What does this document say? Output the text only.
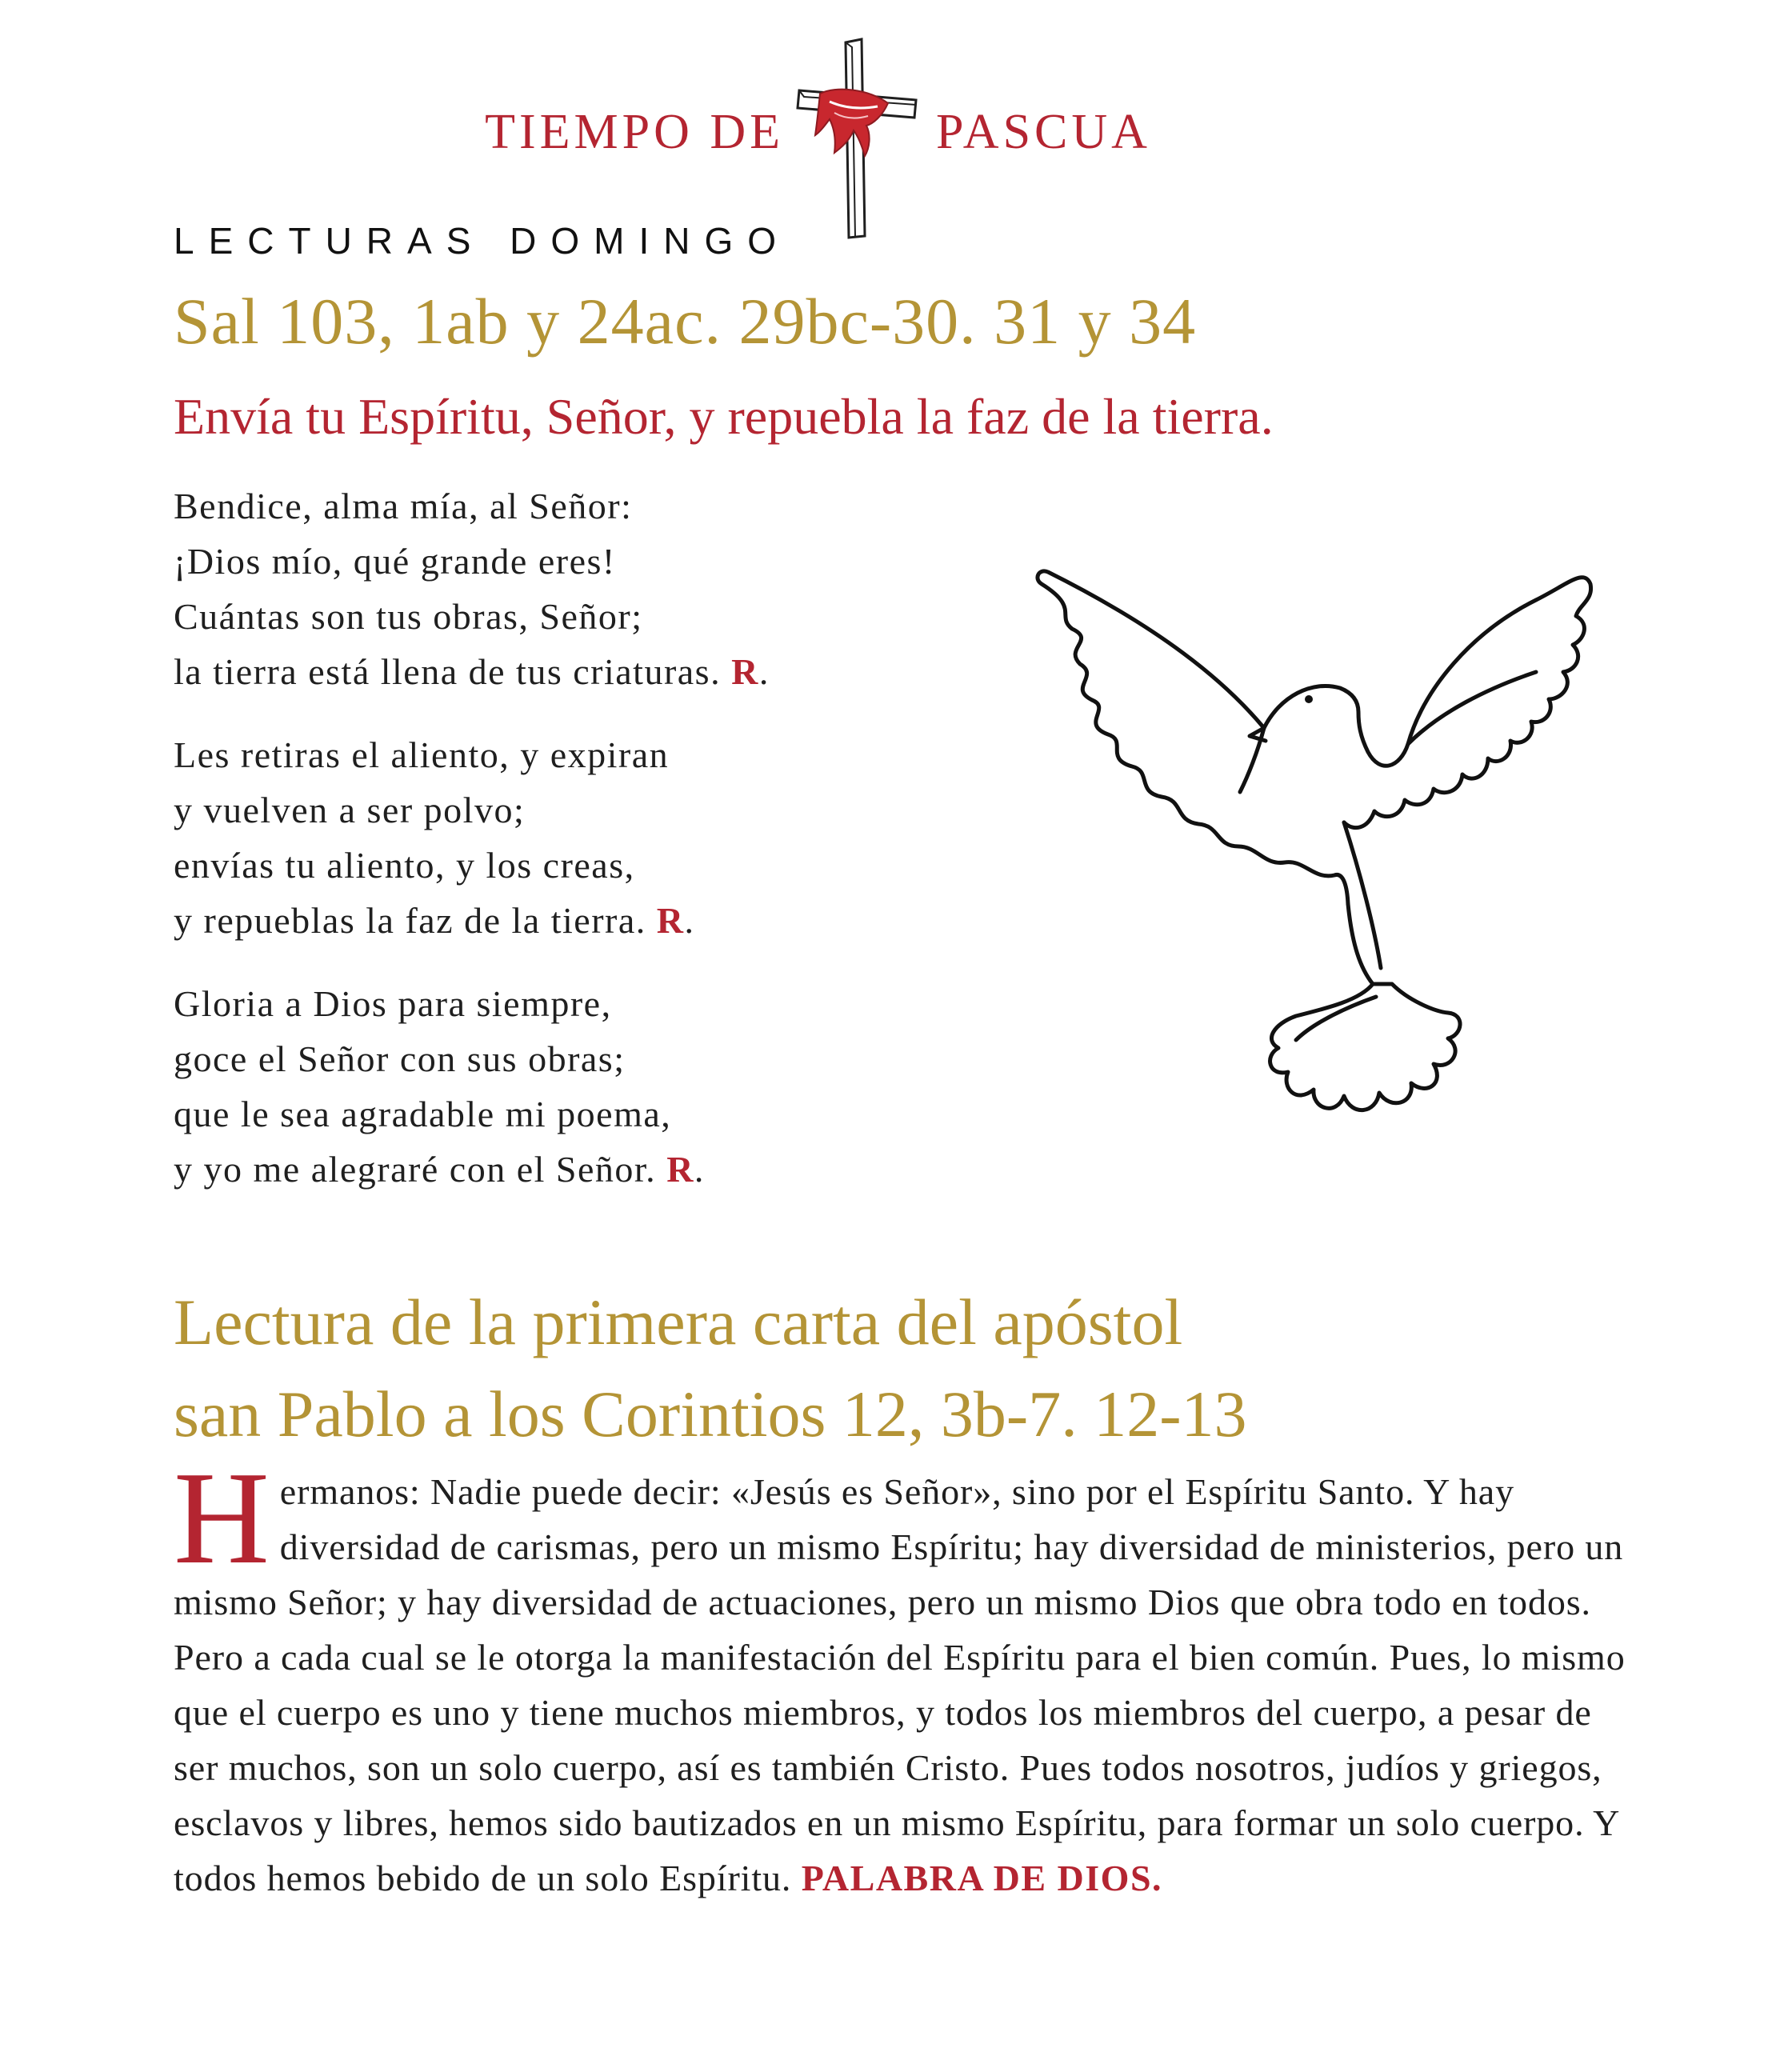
TIEMPO DE	PASCUA
LECTURAS DOMINGO
Sal 103, 1ab y 24ac. 29bc-30. 31 y 34
Envía tu Espíritu, Señor, y repuebla la faz de la tierra.
Bendice, alma mía, al Señor:
¡Dios mío, qué grande eres!
Cuántas son tus obras, Señor;
la tierra está llena de tus criaturas. R.
Les retiras el aliento, y expiran
y vuelven a ser polvo;
envías tu aliento, y los creas,
y repueblas la faz de la tierra. R.
Gloria a Dios para siempre,
goce el Señor con sus obras;
que le sea agradable mi poema,
y yo me alegraré con el Señor. R.
Lectura de la primera carta del apóstol
san Pablo a los Corintios 12, 3b-7. 12-13
Hermanos: Nadie puede decir: «Jesús es Señor», sino por el Espíritu Santo. Y hay diversidad de carismas, pero un mismo Espíritu; hay diversidad de ministerios, pero un mismo Señor; y hay diversidad de actuaciones, pero un mismo Dios que obra todo en todos. Pero a cada cual se le otorga la manifestación del Espíritu para el bien común. Pues, lo mismo que el cuerpo es uno y tiene muchos miembros, y todos los miembros del cuerpo, a pesar de ser muchos, son un solo cuerpo, así es también Cristo. Pues todos nosotros, judíos y griegos, esclavos y libres, hemos sido bautizados en un mismo Espíritu, para formar un solo cuerpo. Y todos hemos bebido de un solo Espíritu. PALABRA DE DIOS.
